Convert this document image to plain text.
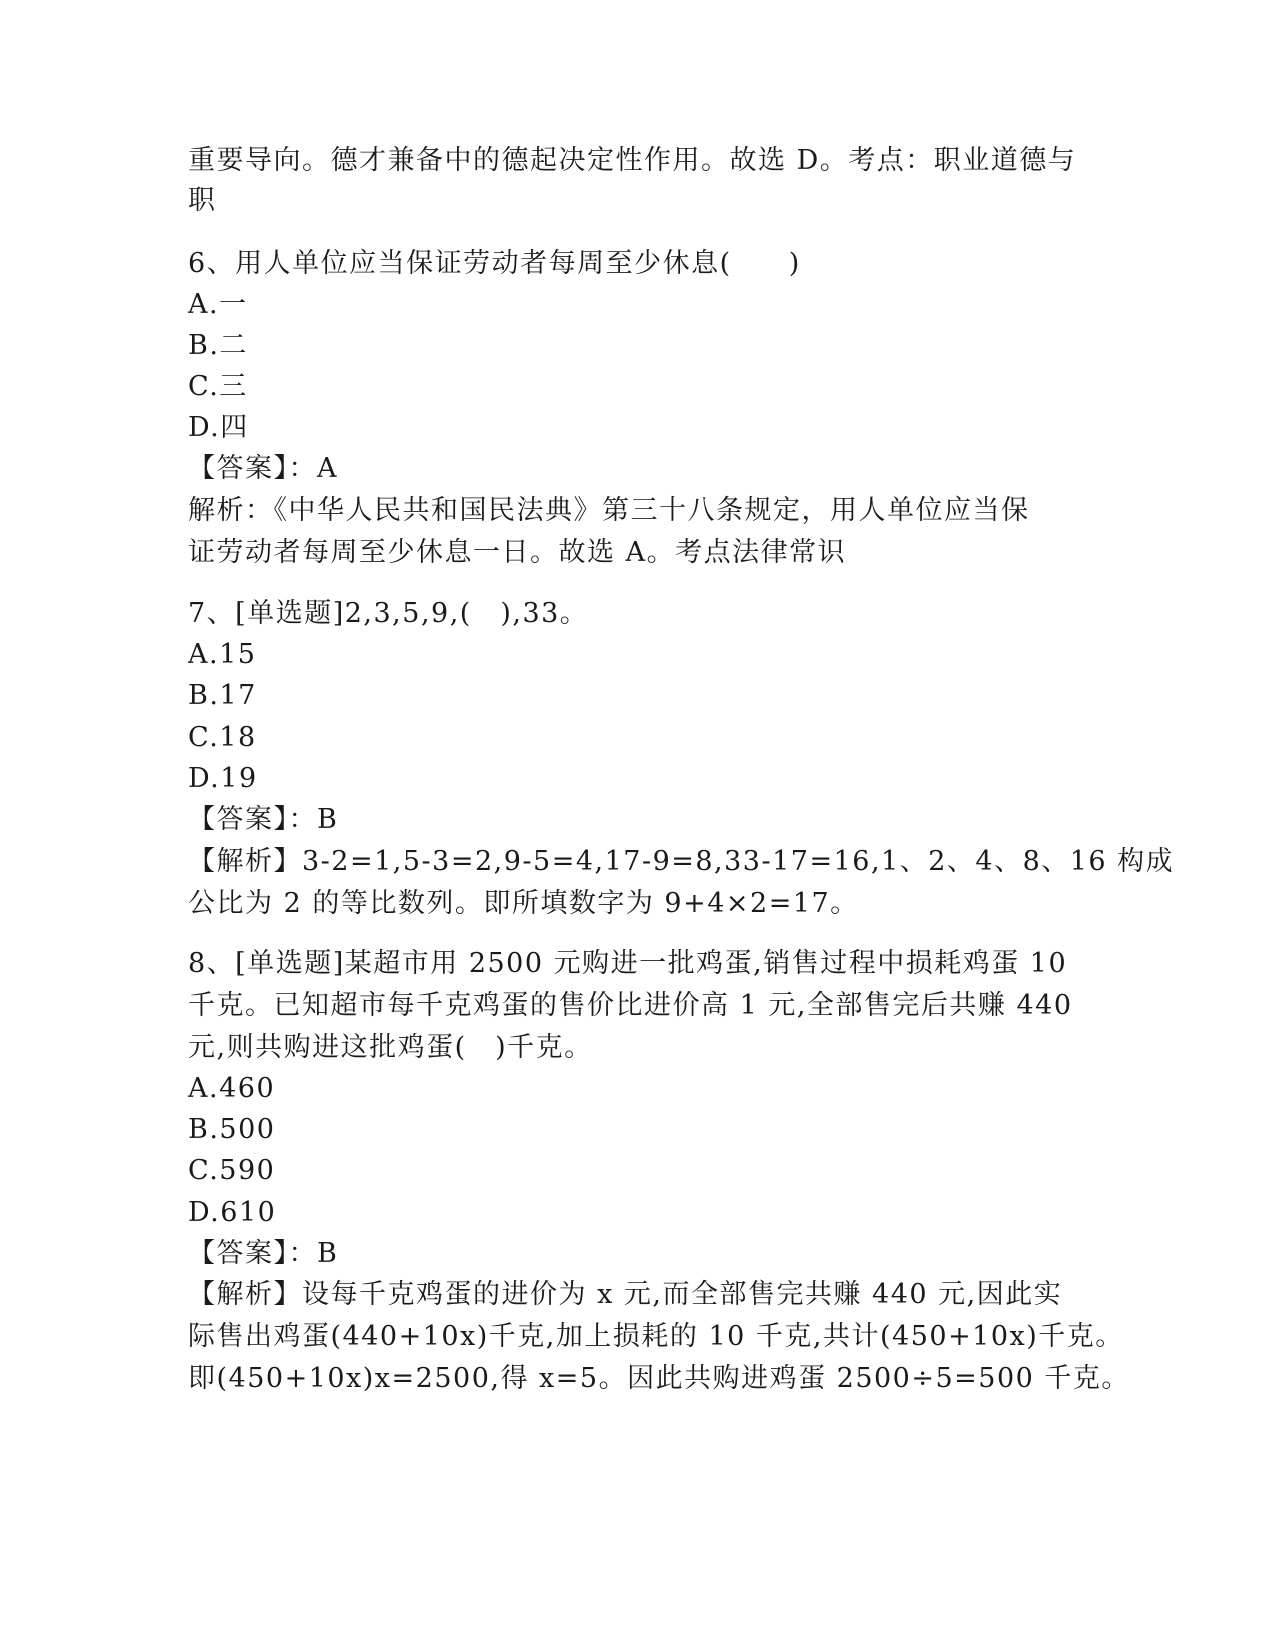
重要导向。德才兼备中的德起决定性作用。故选 D。考点：职业道德与
职
6、用人单位应当保证劳动者每周至少休息(　　)
A.一
B.二
C.三
D.四
【答案】：A
解析：《中华人民共和国民法典》第三十八条规定，用人单位应当保
证劳动者每周至少休息一日。故选 A。考点法律常识
7、[单选题]2,3,5,9,(　),33。
A.15
B.17
C.18
D.19
【答案】：B
【解析】3-2=1,5-3=2,9-5=4,17-9=8,33-17=16,1、2、4、8、16 构成
公比为 2 的等比数列。即所填数字为 9+4×2=17。
8、[单选题]某超市用 2500 元购进一批鸡蛋,销售过程中损耗鸡蛋 10
千克。已知超市每千克鸡蛋的售价比进价高 1 元,全部售完后共赚 440
元,则共购进这批鸡蛋(　)千克。
A.460
B.500
C.590
D.610
【答案】：B
【解析】设每千克鸡蛋的进价为 x 元,而全部售完共赚 440 元,因此实
际售出鸡蛋(440+10x)千克,加上损耗的 10 千克,共计(450+10x)千克。
即(450+10x)x=2500,得 x=5。因此共购进鸡蛋 2500÷5=500 千克。
